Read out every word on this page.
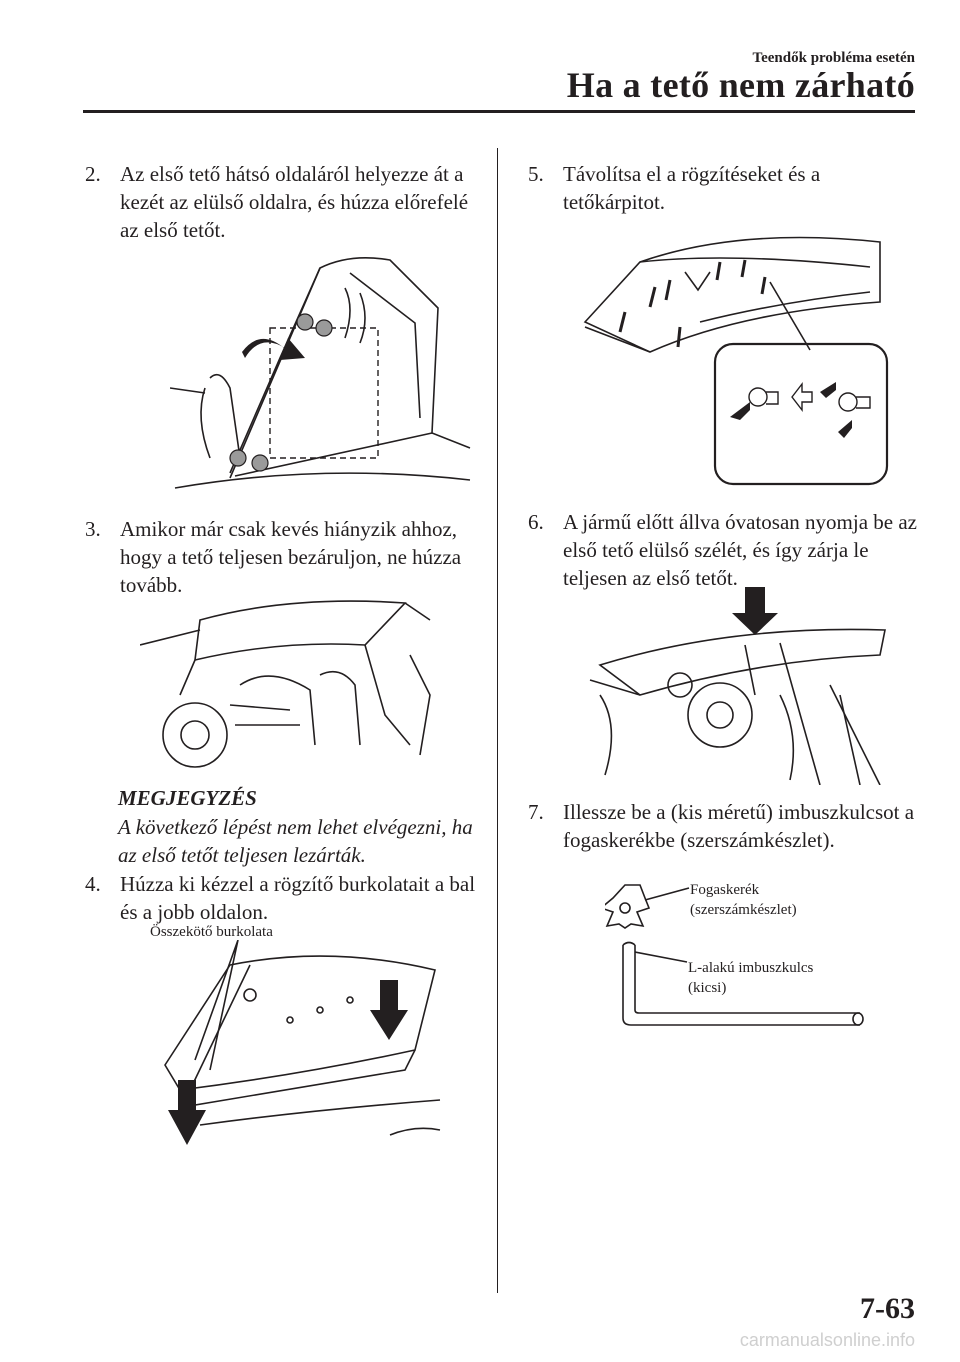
Teendők probléma esetén
Ha a tető nem zárható
2. Az első tető hátsó oldaláról helyezze át a kezét az elülső oldalra, és húzza előrefelé az első tetőt.
3. Amikor már csak kevés hiányzik ahhoz, hogy a tető teljesen bezáruljon, ne húzza tovább.
MEGJEGYZÉS
A következő lépést nem lehet elvégezni, ha az első tetőt teljesen lezárták.
4. Húzza ki kézzel a rögzítő burkolatait a bal és a jobb oldalon.
Összekötő burkolata
5. Távolítsa el a rögzítéseket és a tetőkárpitot.
6. A jármű előtt állva óvatosan nyomja be az első tető elülső szélét, és így zárja le teljesen az első tetőt.
7. Illessze be a (kis méretű) imbuszkulcsot a fogaskerékbe (szerszámkészlet).
Fogaskerék
(szerszámkészlet)
L-alakú imbuszkulcs
(kicsi)
7-63
carmanualsonline.info
